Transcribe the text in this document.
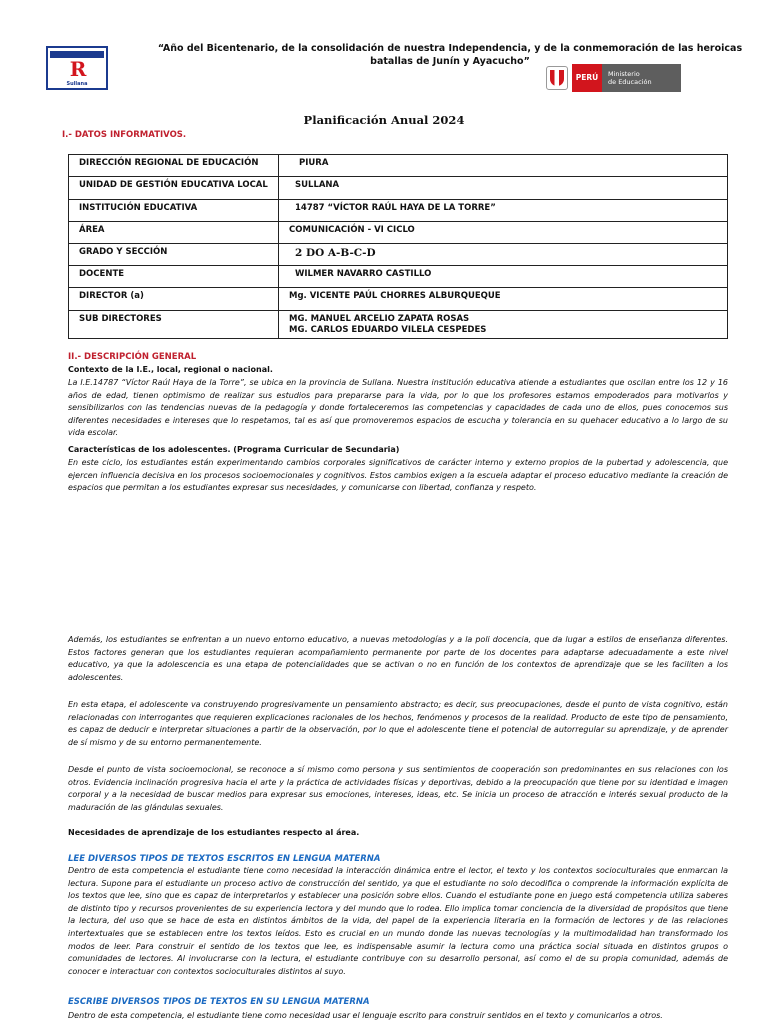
R
Sullana
“Año del Bicentenario, de la consolidación de nuestra Independencia, y de la conmemoración de las heroicas
batallas de Junín y Ayacucho”
PERÚ	Ministerio
de Educación
Planificación Anual 2024
I.- DATOS INFORMATIVOS.
DIRECCIÓN REGIONAL DE EDUCACIÓN	PIURA
UNIDAD DE GESTIÓN EDUCATIVA LOCAL	SULLANA
INSTITUCIÓN EDUCATIVA	14787 “VÍCTOR RAÚL HAYA DE LA TORRE”
ÁREA	COMUNICACIÓN - VI CICLO
GRADO Y SECCIÓN	2 DO A-B-C-D
DOCENTE	WILMER NAVARRO CASTILLO
DIRECTOR (a)	Mg. VICENTE PAÚL CHORRES ALBURQUEQUE
SUB DIRECTORES	MG. MANUEL ARCELIO ZAPATA ROSAS
MG. CARLOS EDUARDO VILELA CESPEDES
II.- DESCRIPCIÓN GENERAL
Contexto de la I.E., local, regional o nacional.
La I.E.14787 “Víctor Raúl Haya de la Torre”, se ubica en la provincia de Sullana. Nuestra institución educativa atiende a estudiantes que oscilan entre los 12 y 16 años de edad, tienen optimismo de realizar sus estudios para prepararse para la vida, por lo que los profesores estamos empoderados para motivarlos y sensibilizarlos con las tendencias nuevas de la pedagogía y donde fortaleceremos las competencias y capacidades de cada uno de ellos, pues conocemos sus diferentes necesidades e intereses que lo respetamos, tal es así que promoveremos espacios de escucha y tolerancia en su quehacer educativo a lo largo de su vida escolar.
Características de los adolescentes. (Programa Curricular de Secundaria)
En este ciclo, los estudiantes están experimentando cambios corporales significativos de carácter interno y externo propios de la pubertad y adolescencia, que ejercen influencia decisiva en los procesos socioemocionales y cognitivos. Estos cambios exigen a la escuela adaptar el proceso educativo mediante la creación de espacios que permitan a los estudiantes expresar sus necesidades, y comunicarse con libertad, confianza y respeto.
Además, los estudiantes se enfrentan a un nuevo entorno educativo, a nuevas metodologías y a la poli docencia, que da lugar a estilos de enseñanza diferentes. Estos factores generan que los estudiantes requieran acompañamiento permanente por parte de los docentes para adaptarse adecuadamente a este nivel educativo, ya que la adolescencia es una etapa de potencialidades que se activan o no en función de los contextos de aprendizaje que se les faciliten a los adolescentes.
En esta etapa, el adolescente va construyendo progresivamente un pensamiento abstracto; es decir, sus preocupaciones, desde el punto de vista cognitivo, están relacionadas con interrogantes que requieren explicaciones racionales de los hechos, fenómenos y procesos de la realidad. Producto de este tipo de pensamiento, es capaz de deducir e interpretar situaciones a partir de la observación, por lo que el adolescente tiene el potencial de autorregular su aprendizaje, y de aprender de sí mismo y de su entorno permanentemente.
Desde el punto de vista socioemocional, se reconoce a sí mismo como persona y sus sentimientos de cooperación son predominantes en sus relaciones con los otros. Evidencia inclinación progresiva hacia el arte y la práctica de actividades físicas y deportivas, debido a la preocupación que tiene por su identidad e imagen corporal y a la necesidad de buscar medios para expresar sus emociones, intereses, ideas, etc. Se inicia un proceso de atracción e interés sexual producto de la maduración de las glándulas sexuales.
Necesidades de aprendizaje de los estudiantes respecto al área.
LEE DIVERSOS TIPOS DE TEXTOS ESCRITOS EN LENGUA MATERNA
Dentro de esta competencia el estudiante tiene como necesidad la interacción dinámica entre el lector, el texto y los contextos socioculturales que enmarcan la lectura. Supone para el estudiante un proceso activo de construcción del sentido, ya que el estudiante no solo decodifica o comprende la información explícita de los textos que lee, sino que es capaz de interpretarlos y establecer una posición sobre ellos. Cuando el estudiante pone en juego está competencia utiliza saberes de distinto tipo y recursos provenientes de su experiencia lectora y del mundo que lo rodea. Ello implica tomar conciencia de la diversidad de propósitos que tiene la lectura, del uso que se hace de esta en distintos ámbitos de la vida, del papel de la experiencia literaria en la formación de lectores y de las relaciones intertextuales que se establecen entre los textos leídos. Esto es crucial en un mundo donde las nuevas tecnologías y la multimodalidad han transformado los modos de leer. Para construir el sentido de los textos que lee, es indispensable asumir la lectura como una práctica social situada en distintos grupos o comunidades de lectores. Al involucrarse con la lectura, el estudiante contribuye con su desarrollo personal, así como el de su propia comunidad, además de conocer e interactuar con contextos socioculturales distintos al suyo.
ESCRIBE DIVERSOS TIPOS DE TEXTOS EN SU LENGUA MATERNA
Dentro de esta competencia, el estudiante tiene como necesidad usar el lenguaje escrito para construir sentidos en el texto y comunicarlos a otros.
